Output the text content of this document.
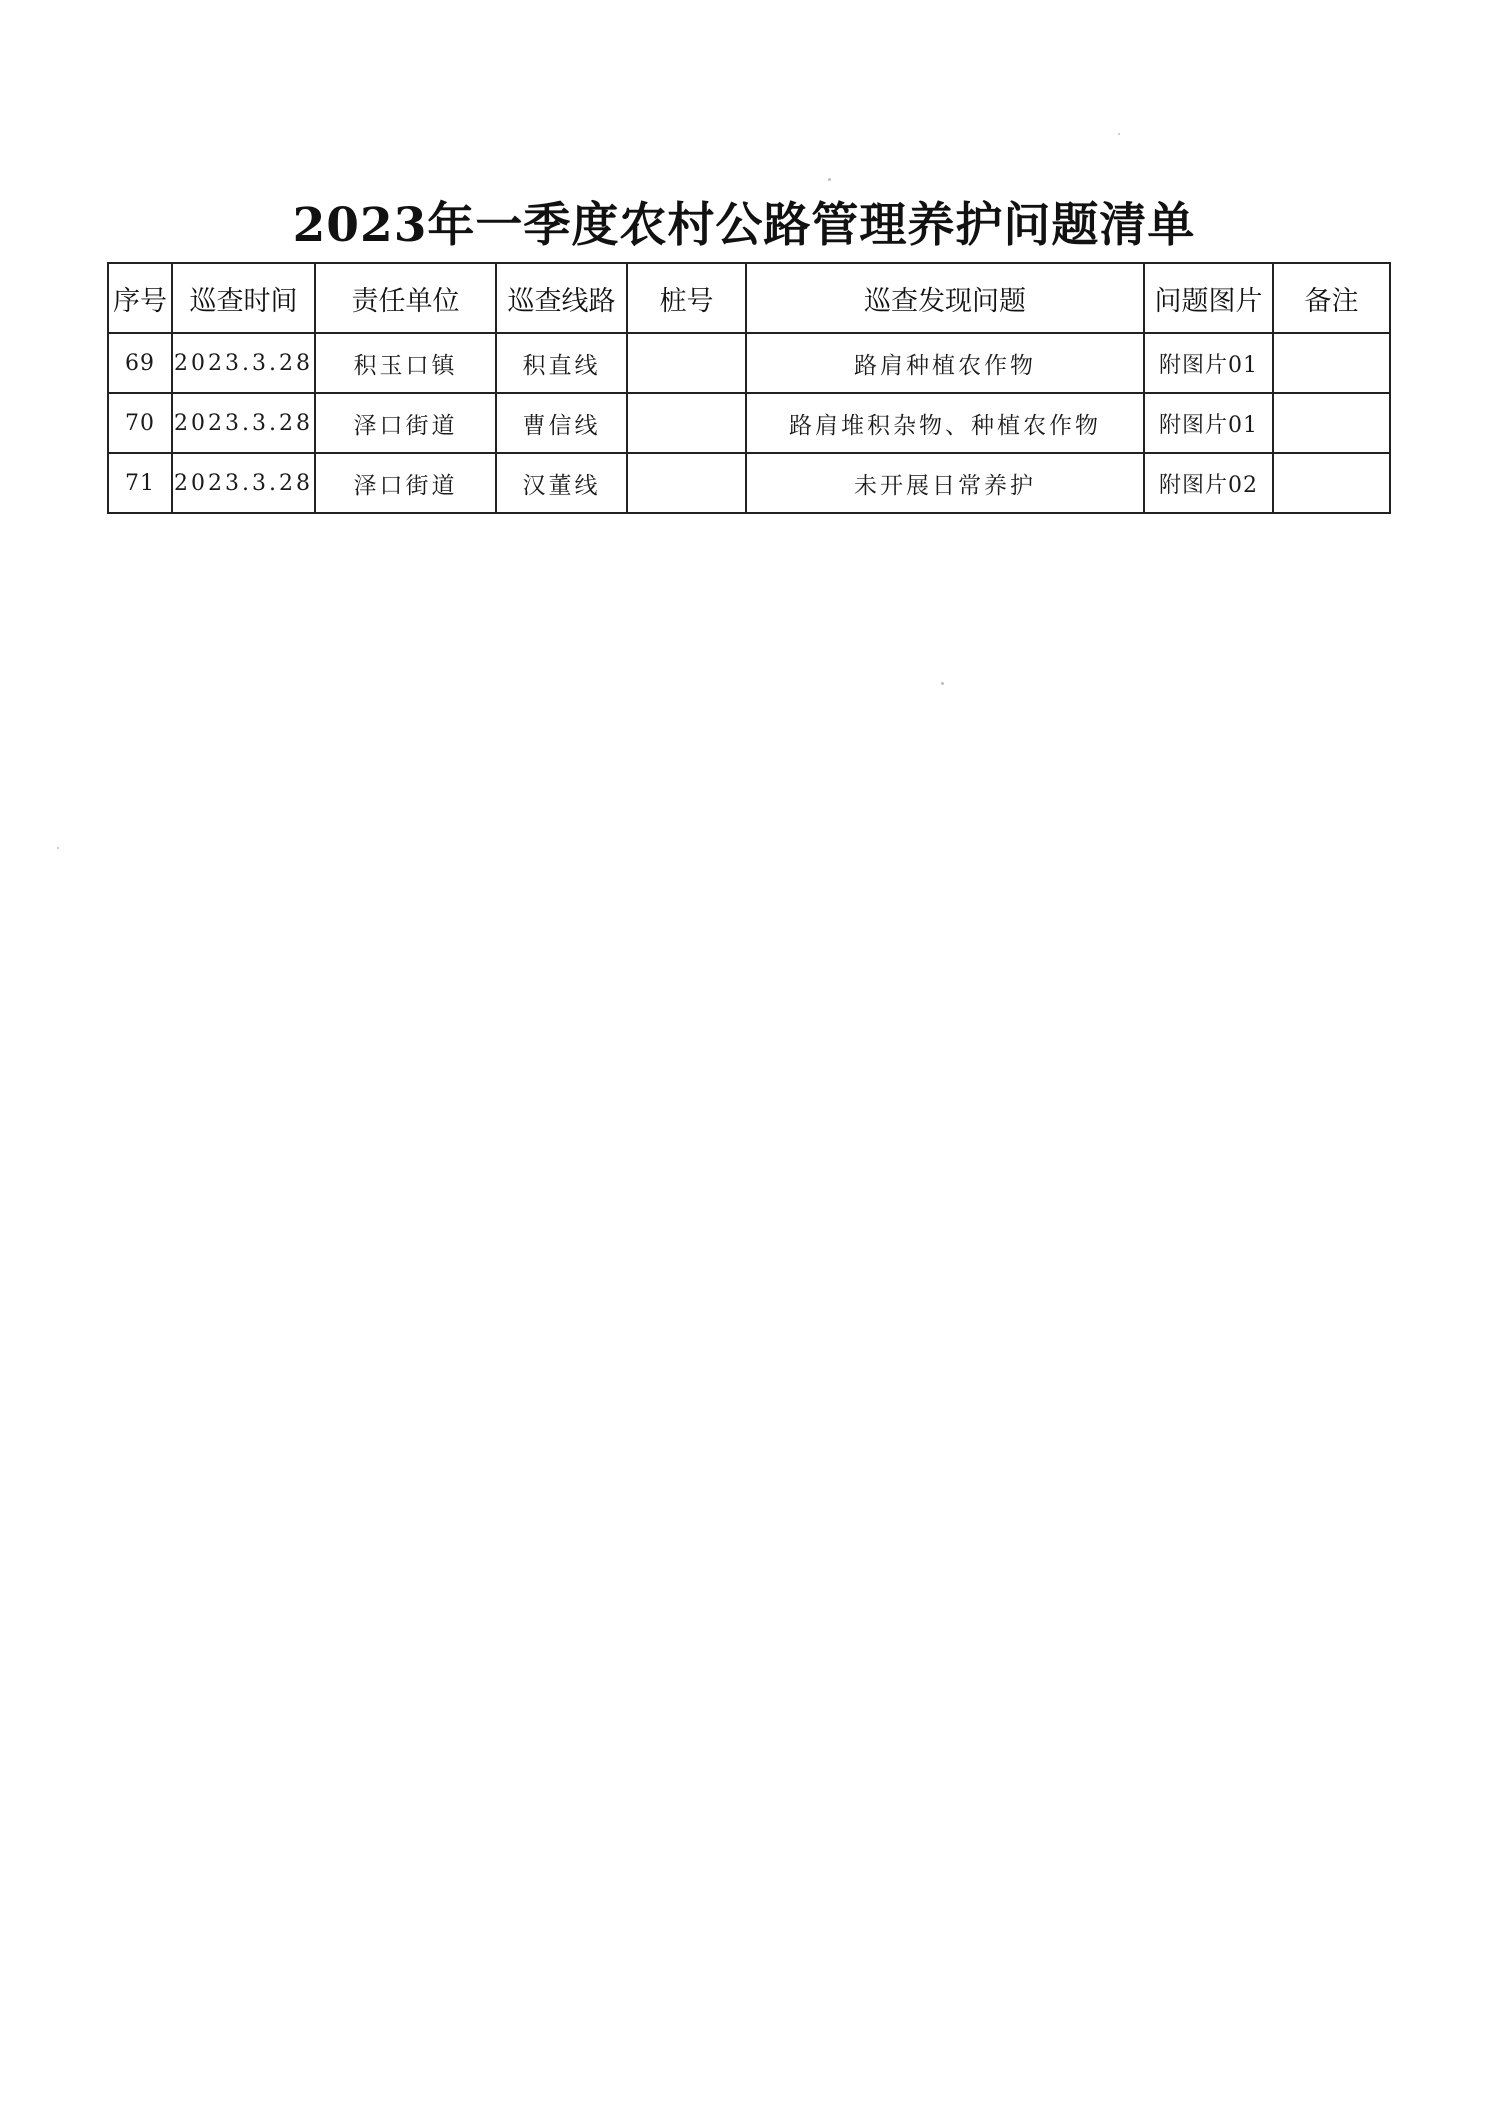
2023年一季度农村公路管理养护问题清单
序号	巡查时间	责任单位	巡查线路	桩号	巡查发现问题	问题图片	备注
69	2023.3.28	积玉口镇	积直线		路肩种植农作物	附图片01	
70	2023.3.28	泽口街道	曹信线		路肩堆积杂物、种植农作物	附图片01	
71	2023.3.28	泽口街道	汉董线		未开展日常养护	附图片02	
